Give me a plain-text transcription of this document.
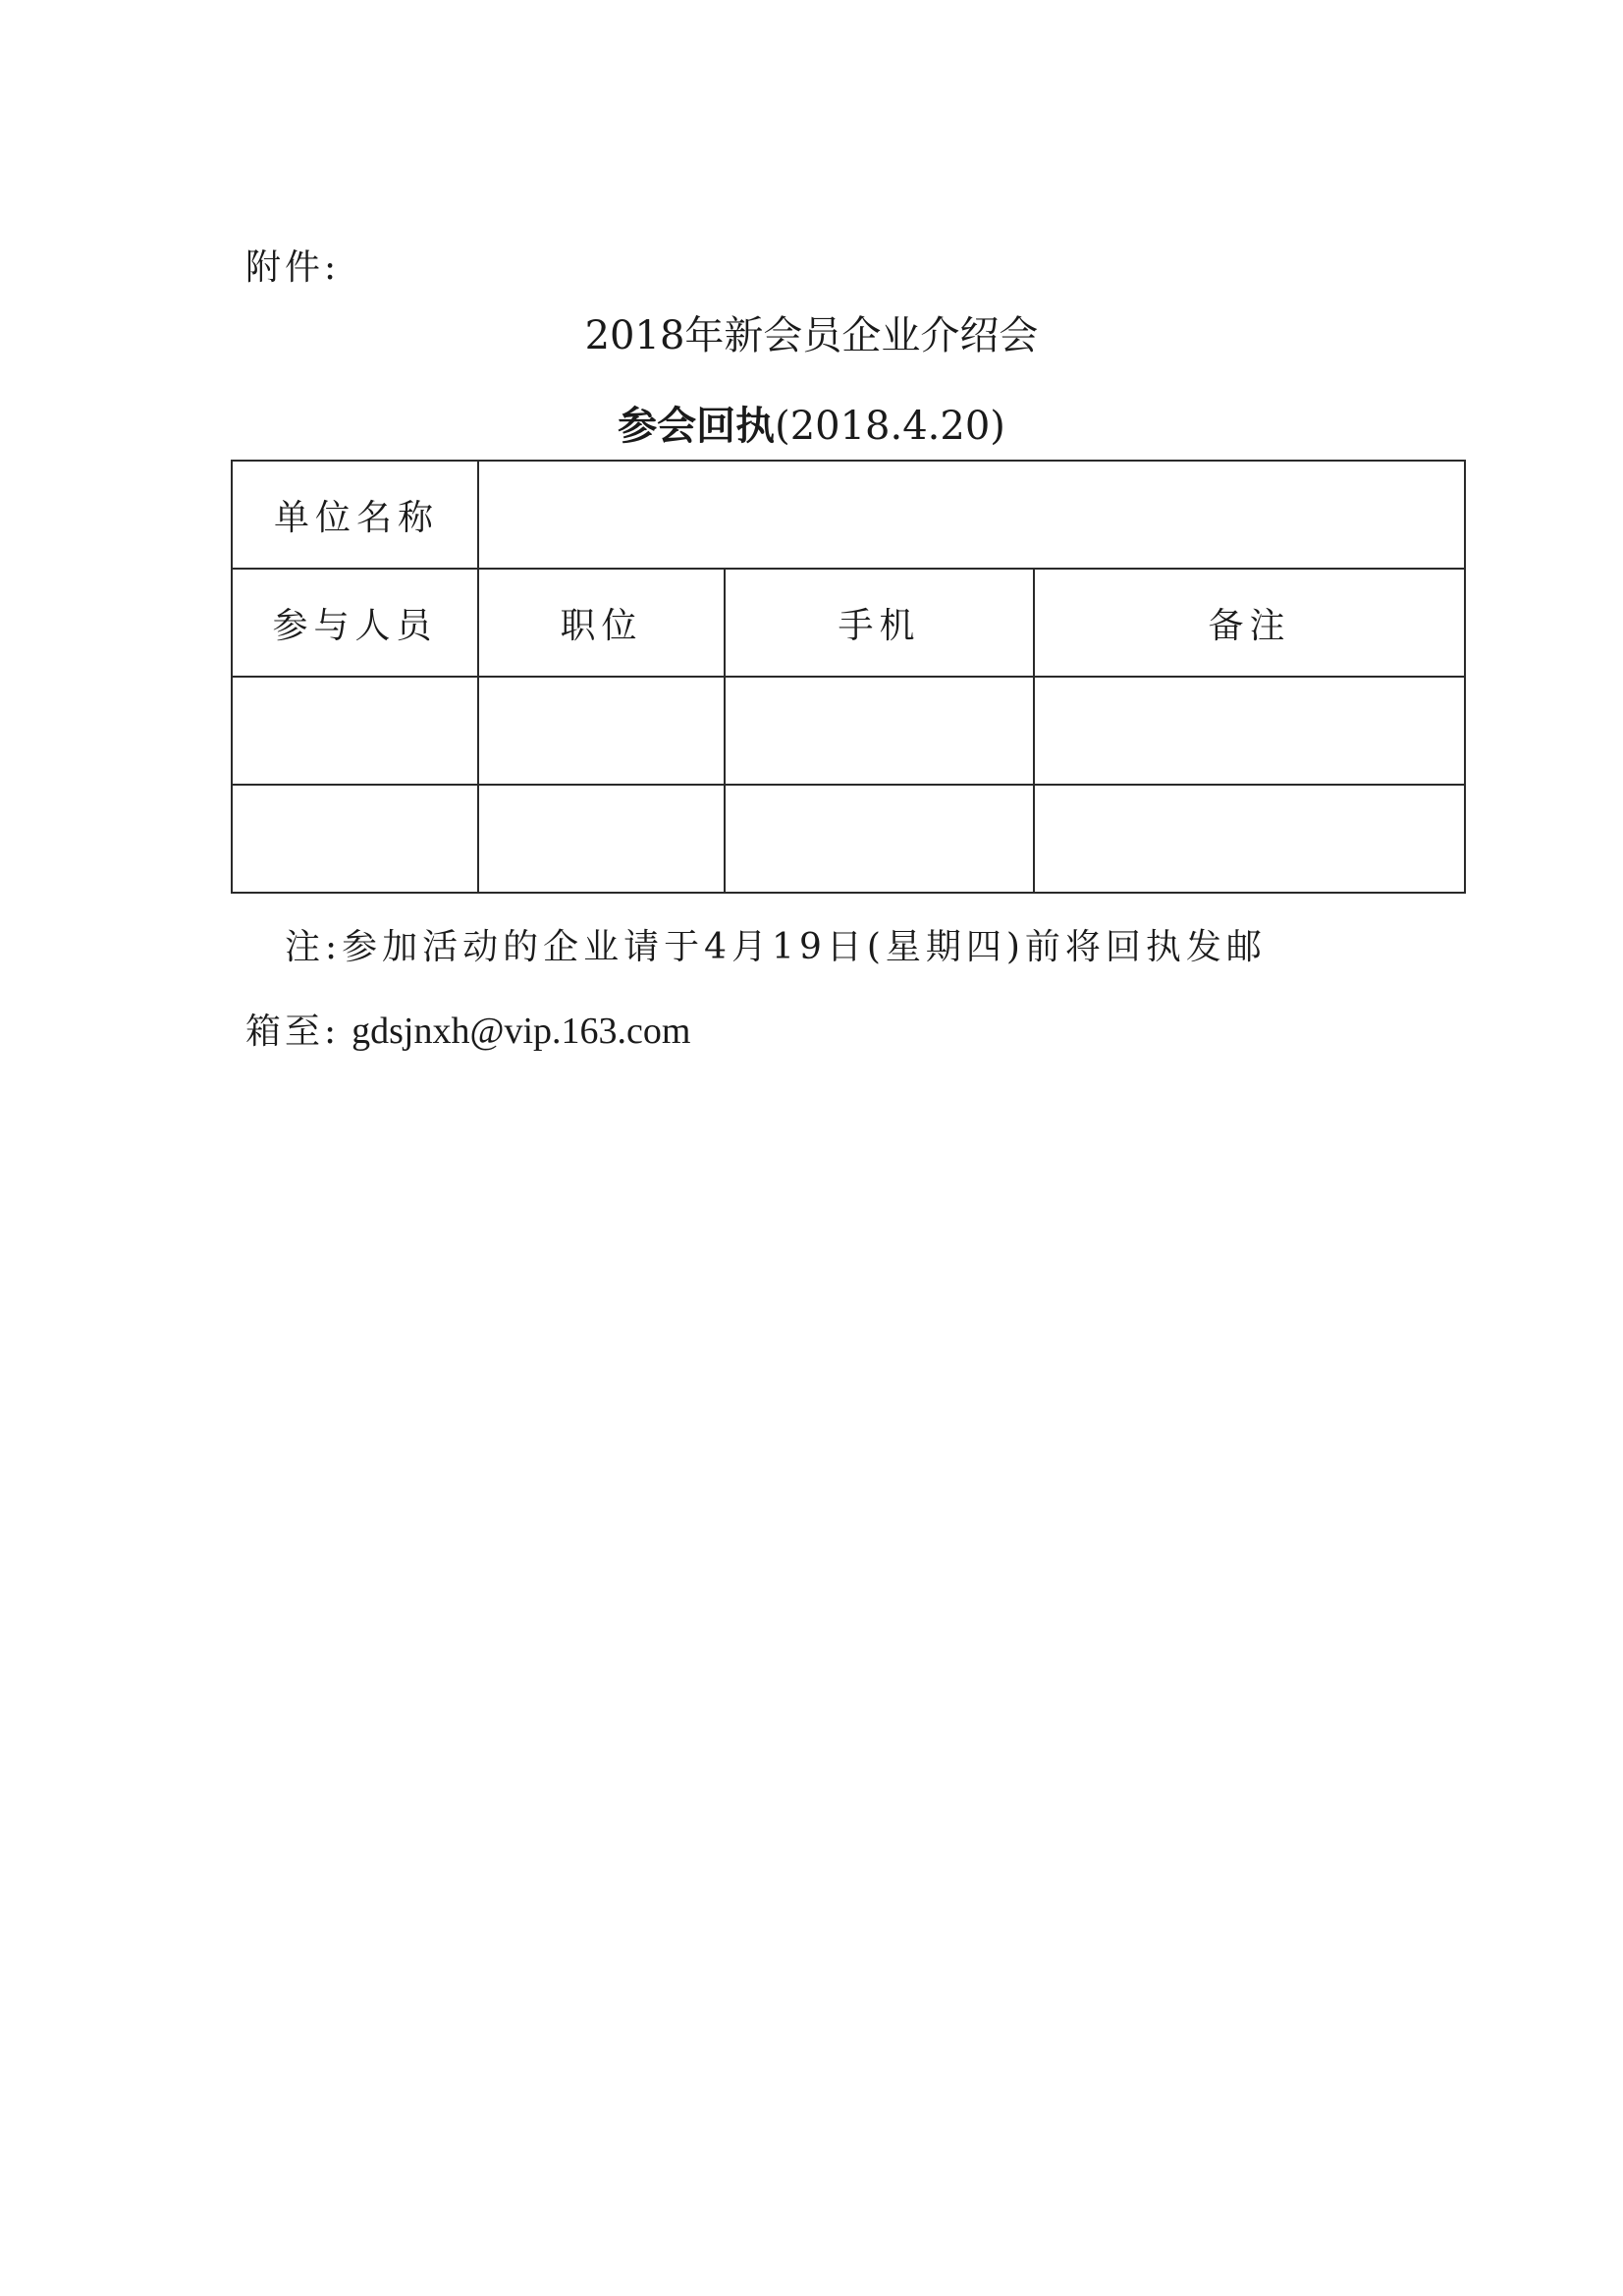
附件:
2018年新会员企业介绍会
参会回执(2018.4.20)
单位名称			
参与人员	职位	手机	备注

注:参加活动的企业请于4月19日(星期四)前将回执发邮
箱至: gdsjnxh@vip.163.com
